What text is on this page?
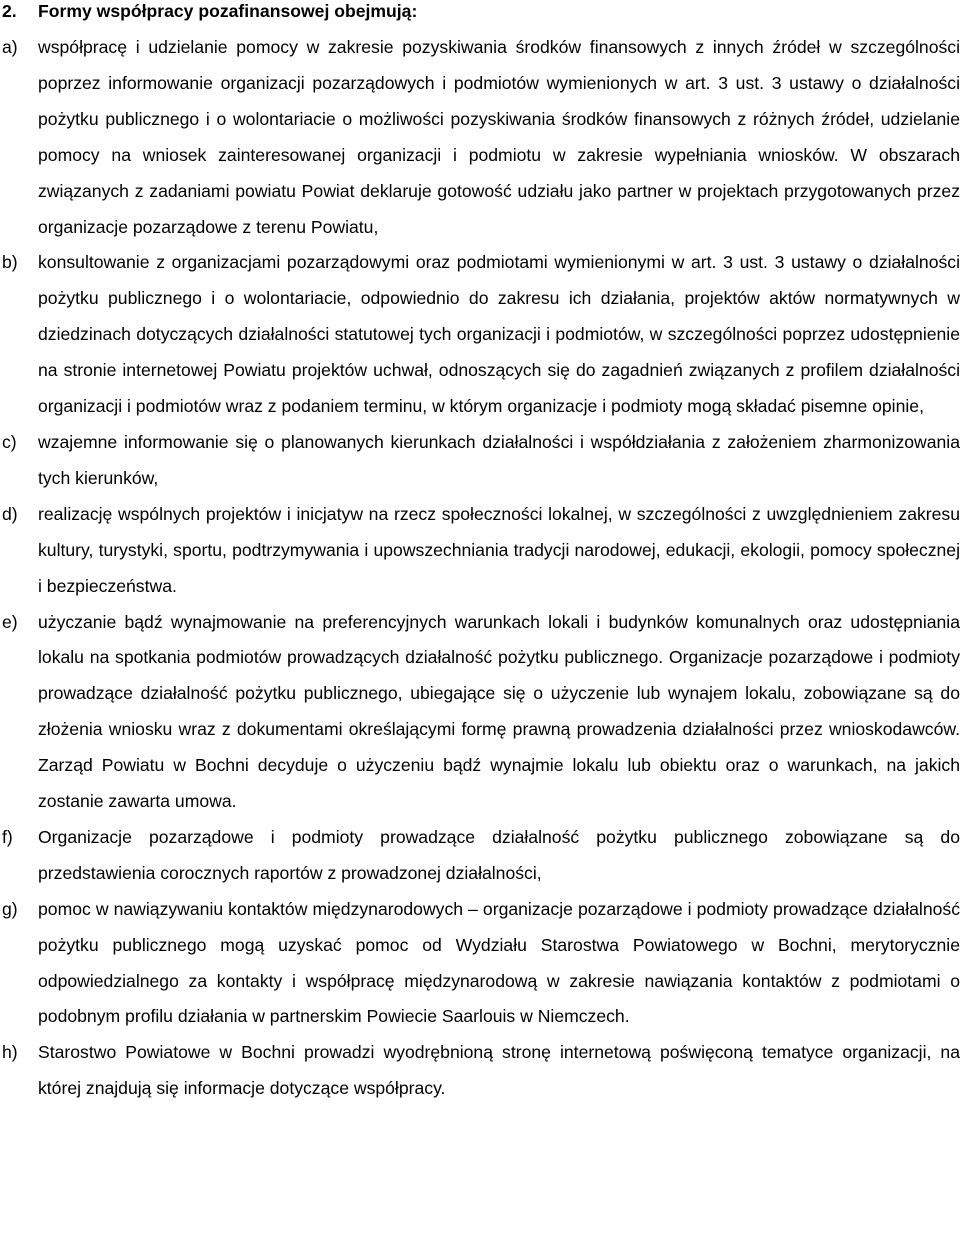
2.	Formy współpracy pozafinansowej obejmują:
a)	współpracę i udzielanie pomocy w zakresie pozyskiwania środków finansowych z innych źródeł w szczególności poprzez informowanie organizacji pozarządowych i podmiotów wymienionych w art. 3 ust. 3 ustawy o działalności pożytku publicznego i o wolontariacie o możliwości pozyskiwania środków finansowych z różnych źródeł, udzielanie pomocy na wniosek zainteresowanej organizacji i podmiotu w zakresie wypełniania wniosków. W obszarach związanych z zadaniami powiatu Powiat deklaruje gotowość udziału jako partner w projektach przygotowanych przez organizacje pozarządowe z terenu Powiatu,
b)	konsultowanie z organizacjami pozarządowymi oraz podmiotami wymienionymi w art. 3 ust. 3 ustawy o działalności pożytku publicznego i o wolontariacie, odpowiednio do zakresu ich działania, projektów aktów normatywnych w dziedzinach dotyczących działalności statutowej tych organizacji i podmiotów, w szczególności poprzez udostępnienie na stronie internetowej Powiatu projektów uchwał, odnoszących się do zagadnień związanych z profilem działalności organizacji i podmiotów wraz z podaniem terminu, w którym organizacje i podmioty mogą składać pisemne opinie,
c)	wzajemne informowanie się o planowanych kierunkach działalności i współdziałania z założeniem zharmonizowania tych kierunków,
d)	realizację wspólnych projektów i inicjatyw na rzecz społeczności lokalnej, w szczególności z uwzględnieniem zakresu kultury, turystyki, sportu, podtrzymywania i upowszechniania tradycji narodowej, edukacji, ekologii, pomocy społecznej i bezpieczeństwa.
e)	użyczanie bądź wynajmowanie na preferencyjnych warunkach lokali i budynków komunalnych oraz udostępniania lokalu na spotkania podmiotów prowadzących działalność pożytku publicznego. Organizacje pozarządowe i podmioty prowadzące działalność pożytku publicznego, ubiegające się o użyczenie lub wynajem lokalu, zobowiązane są do złożenia wniosku wraz z dokumentami określającymi formę prawną prowadzenia działalności przez wnioskodawców. Zarząd Powiatu w Bochni decyduje o użyczeniu bądź wynajmie lokalu lub obiektu oraz o warunkach, na jakich zostanie zawarta umowa.
f)	Organizacje pozarządowe i podmioty prowadzące działalność pożytku publicznego zobowiązane są do przedstawienia corocznych raportów z prowadzonej działalności,
g)	pomoc w nawiązywaniu kontaktów międzynarodowych – organizacje pozarządowe i podmioty prowadzące działalność pożytku publicznego mogą uzyskać pomoc od Wydziału Starostwa Powiatowego w Bochni, merytorycznie odpowiedzialnego za kontakty i współpracę międzynarodową w zakresie nawiązania kontaktów z podmiotami o podobnym profilu działania w partnerskim Powiecie Saarlouis w Niemczech.
h)	Starostwo Powiatowe w Bochni prowadzi wyodrębnioną stronę internetową poświęconą tematyce organizacji, na której znajdują się informacje dotyczące współpracy.
